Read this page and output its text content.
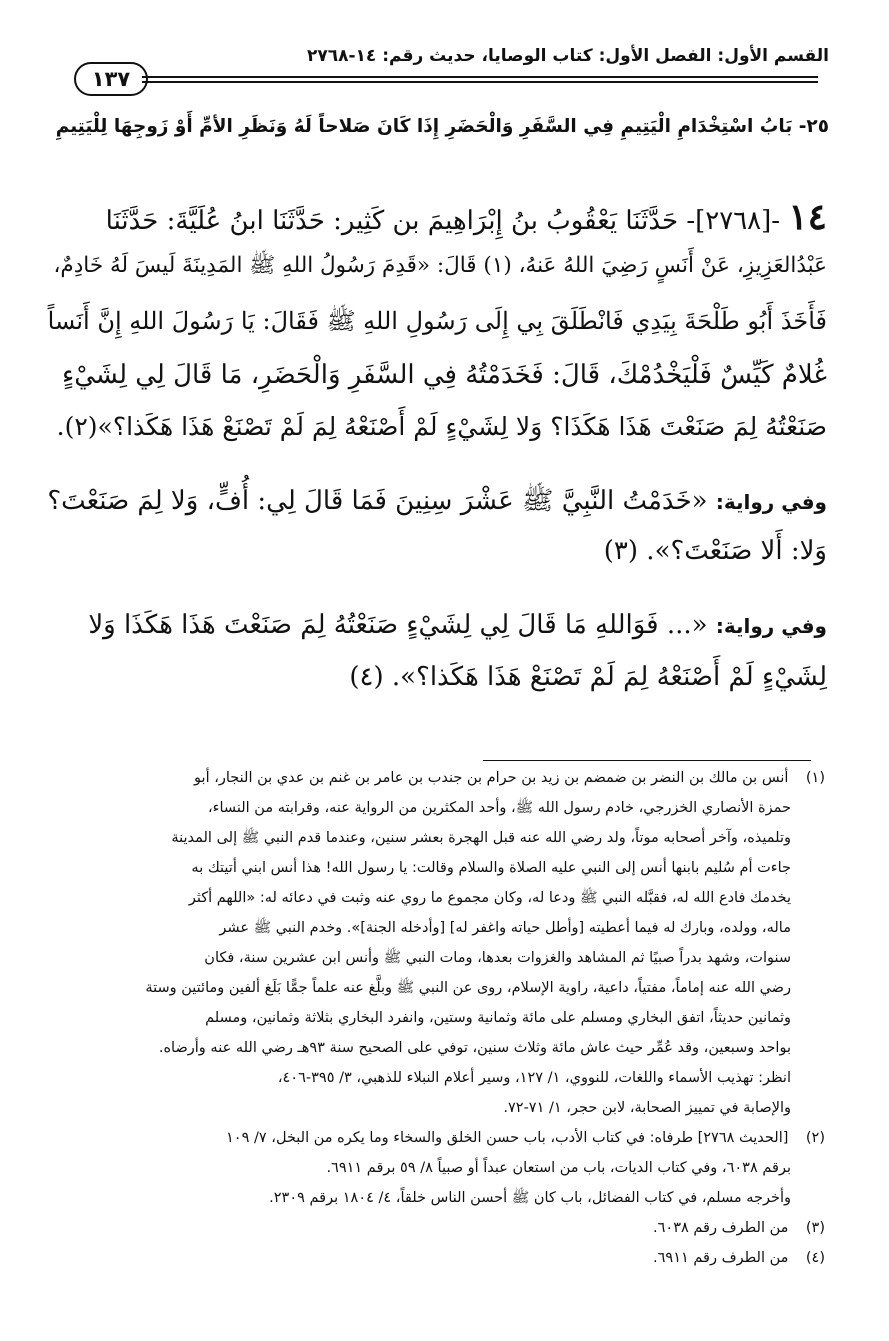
القسم الأول: الفصل الأول: كتاب الوصايا، حديث رقم: ١٤-٢٧٦٨
١٣٧
٢٥- بَابُ اسْتِخْدَامِ الْيَتِيمِ فِي السَّفَرِ وَالْحَضَرِ إِذَا كَانَ صَلاحاً لَهُ وَنَظَرِ الأمِّ أَوْ زَوجِهَا لِلْيَتِيمِ
١٤ -[٢٧٦٨]- حَدَّثَنَا يَعْقُوبُ بنُ إِبْرَاهِيمَ بن كَثِير: حَدَّثَنَا ابنُ عُلَيَّةَ: حَدَّثَنَا
عَبْدُالعَزِيزِ، عَنْ أَنَسٍ رَضِيَ اللهُ عَنهُ، (١) قَالَ: «قَدِمَ رَسُولُ اللهِ ﷺ المَدِينَةَ لَيسَ لَهُ خَادِمٌ،
فَأَخَذَ أَبُو طَلْحَةَ بِيَدِي فَانْطَلَقَ بِي إِلَى رَسُولِ اللهِ ﷺ فَقَالَ: يَا رَسُولَ اللهِ إِنَّ أَنَساً
غُلامٌ كَيِّسٌ فَلْيَخْدُمْكَ، قَالَ: فَخَدَمْتُهُ فِي السَّفَرِ وَالْحَضَرِ، مَا قَالَ لِي لِشَيْءٍ
صَنَعْتُهُ لِمَ صَنَعْتَ هَذَا هَكَذَا؟ وَلا لِشَيْءٍ لَمْ أَصْنَعْهُ لِمَ لَمْ تَصْنَعْ هَذَا هَكَذا؟»(٢).
وفي رواية: «خَدَمْتُ النَّبِيَّ ﷺ عَشْرَ سِنِينَ فَمَا قَالَ لِي: أُفٍّ، وَلا لِمَ صَنَعْتَ؟
وَلا: أَلا صَنَعْتَ؟». (٣)
وفي رواية: «... فَوَاللهِ مَا قَالَ لِي لِشَيْءٍ صَنَعْتُهُ لِمَ صَنَعْتَ هَذَا هَكَذَا وَلا
لِشَيْءٍ لَمْ أَصْنَعْهُ لِمَ لَمْ تَصْنَعْ هَذَا هَكَذا؟». (٤)
(١) أنس بن مالك بن النضر بن ضمضم بن زيد بن حرام بن جندب بن عامر بن غنم بن عدي بن النجار، أبو
حمزة الأنصاري الخزرجي، خادم رسول الله ﷺ، وأحد المكثرين من الرواية عنه، وقرابته من النساء،
وتلميذه، وآخر أصحابه موتاً، ولد رضي الله عنه قبل الهجرة بعشر سنين، وعندما قدم النبي ﷺ إلى المدينة
جاءت أم سُليم بابنها أنس إلى النبي عليه الصلاة والسلام وقالت: يا رسول الله! هذا أنس ابني أتيتك به
يخدمك فادع الله له، فقبَّله النبي ﷺ ودعا له، وكان مجموع ما روي عنه وثبت في دعائه له: «اللهم أكثر
ماله، وولده، وبارك له فيما أعطيته [وأطل حياته واغفر له] [وأدخله الجنة]». وخدم النبي ﷺ عشر
سنوات، وشهد بدراً صبيًا ثم المشاهد والغزوات بعدها، ومات النبي ﷺ وأنس ابن عشرين سنة، فكان
رضي الله عنه إماماً، مفتياً، داعية، راوية الإسلام، روى عن النبي ﷺ وبلَّغ عنه علماً جمًّا بَلَغ ألفين ومائتين وستة
وثمانين حديثاً، اتفق البخاري ومسلم على مائة وثمانية وستين، وانفرد البخاري بثلاثة وثمانين، ومسلم
بواحد وسبعين، وقد عُمِّر حيث عاش مائة وثلاث سنين، توفي على الصحيح سنة ٩٣هـ رضي الله عنه وأرضاه.
انظر: تهذيب الأسماء واللغات، للنووي، ١/ ١٢٧، وسير أعلام النبلاء للذهبي، ٣/ ٣٩٥-٤٠٦،
والإصابة في تمييز الصحابة، لابن حجر، ١/ ٧١-٧٢.
(٢) [الحديث ٢٧٦٨] طرفاه: في كتاب الأدب، باب حسن الخلق والسخاء وما يكره من البخل، ٧/ ١٠٩
برقم ٦٠٣٨، وفي كتاب الديات، باب من استعان عبداً أو صبياً ٨/ ٥٩ برقم ٦٩١١.
وأخرجه مسلم، في كتاب الفضائل، باب كان ﷺ أحسن الناس خلقاً، ٤/ ١٨٠٤ برقم ٢٣٠٩.
(٣) من الطرف رقم ٦٠٣٨.
(٤) من الطرف رقم ٦٩١١.
